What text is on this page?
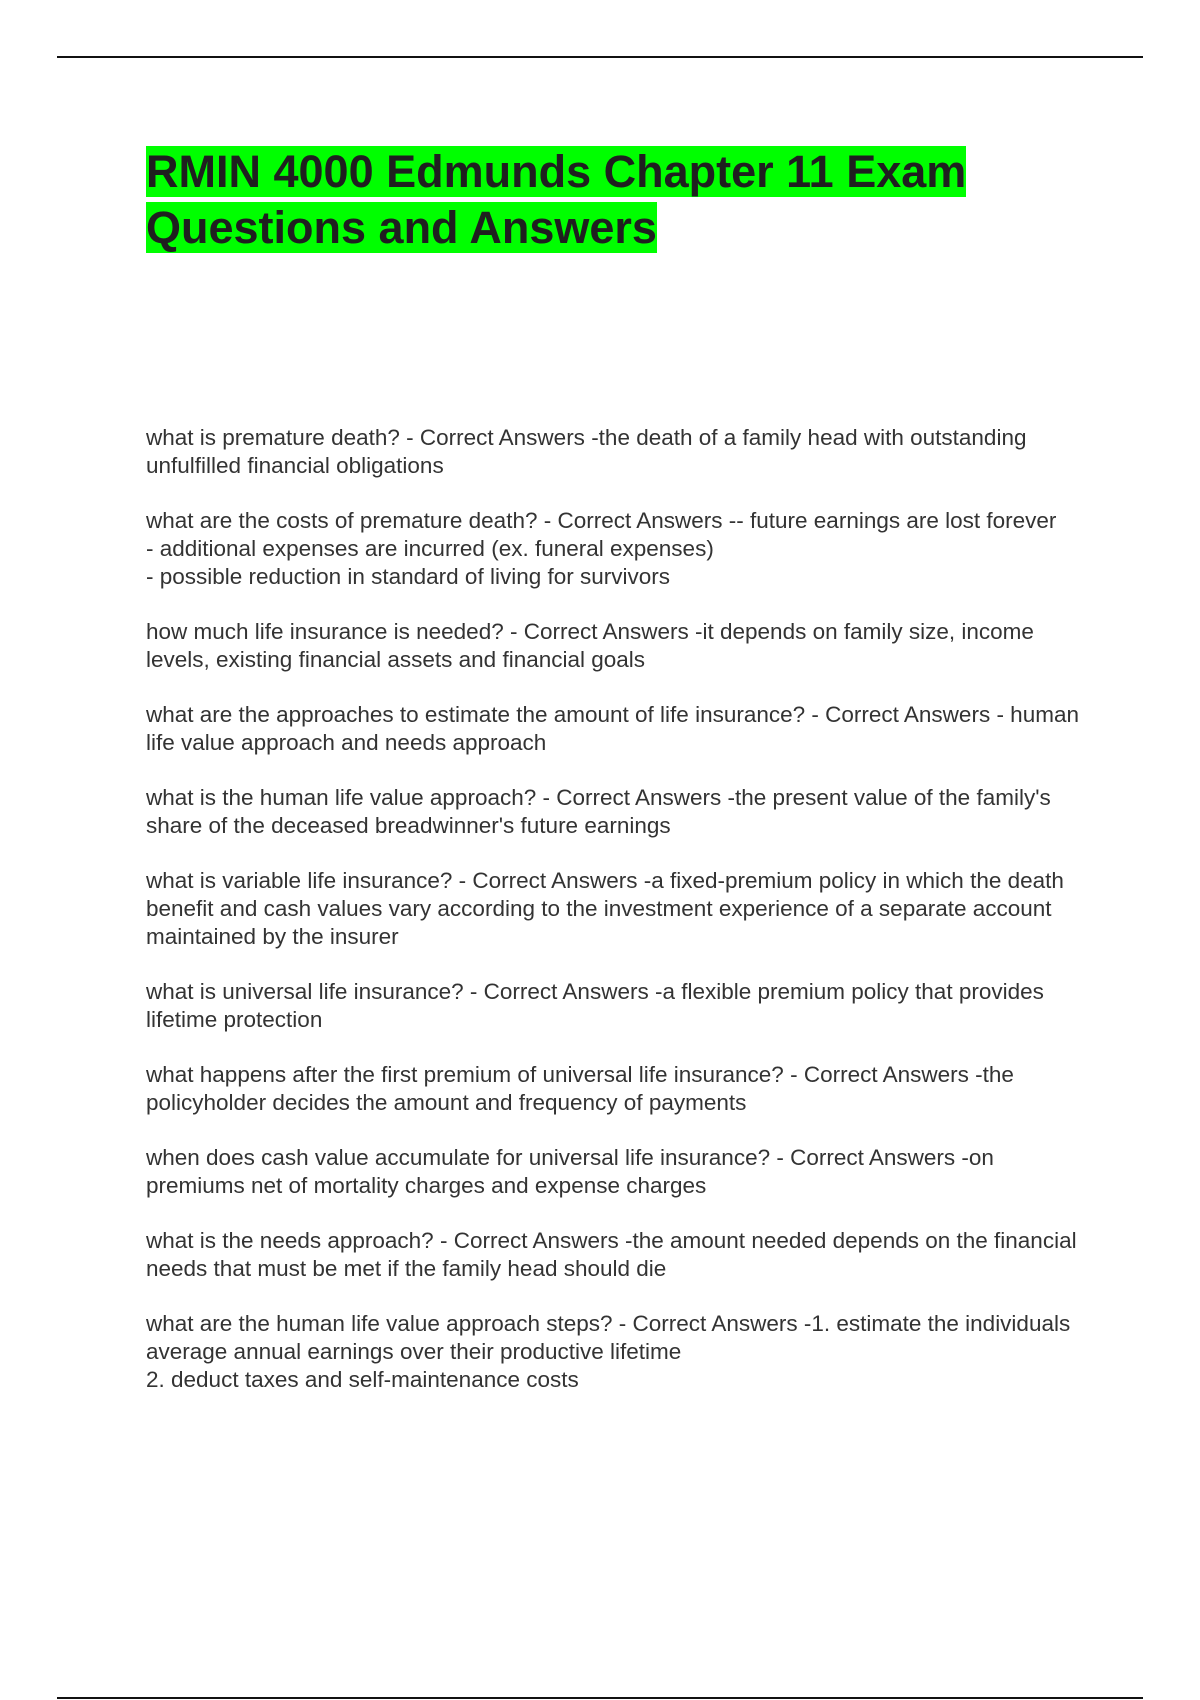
RMIN 4000 Edmunds Chapter 11 Exam Questions and Answers

what is premature death? - Correct Answers -the death of a family head with outstanding unfulfilled financial obligations

what are the costs of premature death? - Correct Answers -- future earnings are lost forever
- additional expenses are incurred (ex. funeral expenses)
- possible reduction in standard of living for survivors

how much life insurance is needed? - Correct Answers -it depends on family size, income levels, existing financial assets and financial goals

what are the approaches to estimate the amount of life insurance? - Correct Answers - human life value approach and needs approach

what is the human life value approach? - Correct Answers -the present value of the family's share of the deceased breadwinner's future earnings

what is variable life insurance? - Correct Answers -a fixed-premium policy in which the death benefit and cash values vary according to the investment experience of a separate account maintained by the insurer

what is universal life insurance? - Correct Answers -a flexible premium policy that provides lifetime protection

what happens after the first premium of universal life insurance? - Correct Answers -the policyholder decides the amount and frequency of payments

when does cash value accumulate for universal life insurance? - Correct Answers -on premiums net of mortality charges and expense charges

what is the needs approach? - Correct Answers -the amount needed depends on the financial needs that must be met if the family head should die

what are the human life value approach steps? - Correct Answers -1. estimate the individuals average annual earnings over their productive lifetime
2. deduct taxes and self-maintenance costs
